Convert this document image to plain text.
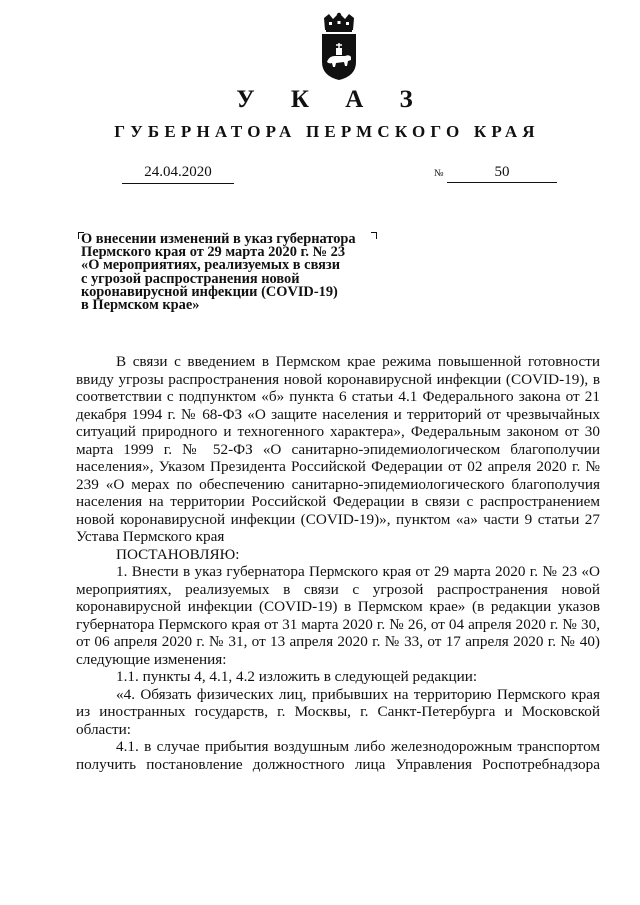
У К А З
ГУБЕРНАТОРА ПЕРМСКОГО КРАЯ
24.04.2020	№	50
О внесении изменений в указ губернатора
Пермского края от 29 марта 2020 г. № 23
«О мероприятиях, реализуемых в связи
с угрозой распространения новой
коронавирусной инфекции (COVID-19)
в Пермском крае»

В связи с введением в Пермском крае режима повышенной готовности ввиду угрозы распространения новой коронавирусной инфекции (COVID-19), в соответствии с подпунктом «б» пункта 6 статьи 4.1 Федерального закона от 21 декабря 1994 г. № 68-ФЗ «О защите населения и территорий от чрезвычайных ситуаций природного и техногенного характера», Федеральным законом от 30 марта 1999 г. № 52-ФЗ «О санитарно-эпидемиологическом благополучии населения», Указом Президента Российской Федерации от 02 апреля 2020 г. № 239 «О мерах по обеспечению санитарно-эпидемиологического благополучия населения на территории Российской Федерации в связи с распространением новой коронавирусной инфекции (COVID-19)», пунктом «а» части 9 статьи 27 Устава Пермского края

ПОСТАНОВЛЯЮ:

1. Внести в указ губернатора Пермского края от 29 марта 2020 г. № 23 «О мероприятиях, реализуемых в связи с угрозой распространения новой коронавирусной инфекции (COVID-19) в Пермском крае» (в редакции указов губернатора Пермского края от 31 марта 2020 г. № 26, от 04 апреля 2020 г. № 30, от 06 апреля 2020 г. № 31, от 13 апреля 2020 г. № 33, от 17 апреля 2020 г. № 40) следующие изменения:

1.1. пункты 4, 4.1, 4.2 изложить в следующей редакции:

«4. Обязать физических лиц, прибывших на территорию Пермского края из иностранных государств, г. Москвы, г. Санкт-Петербурга и Московской области:

4.1. в случае прибытия воздушным либо железнодорожным транспортом получить постановление должностного лица Управления Роспотребнадзора
